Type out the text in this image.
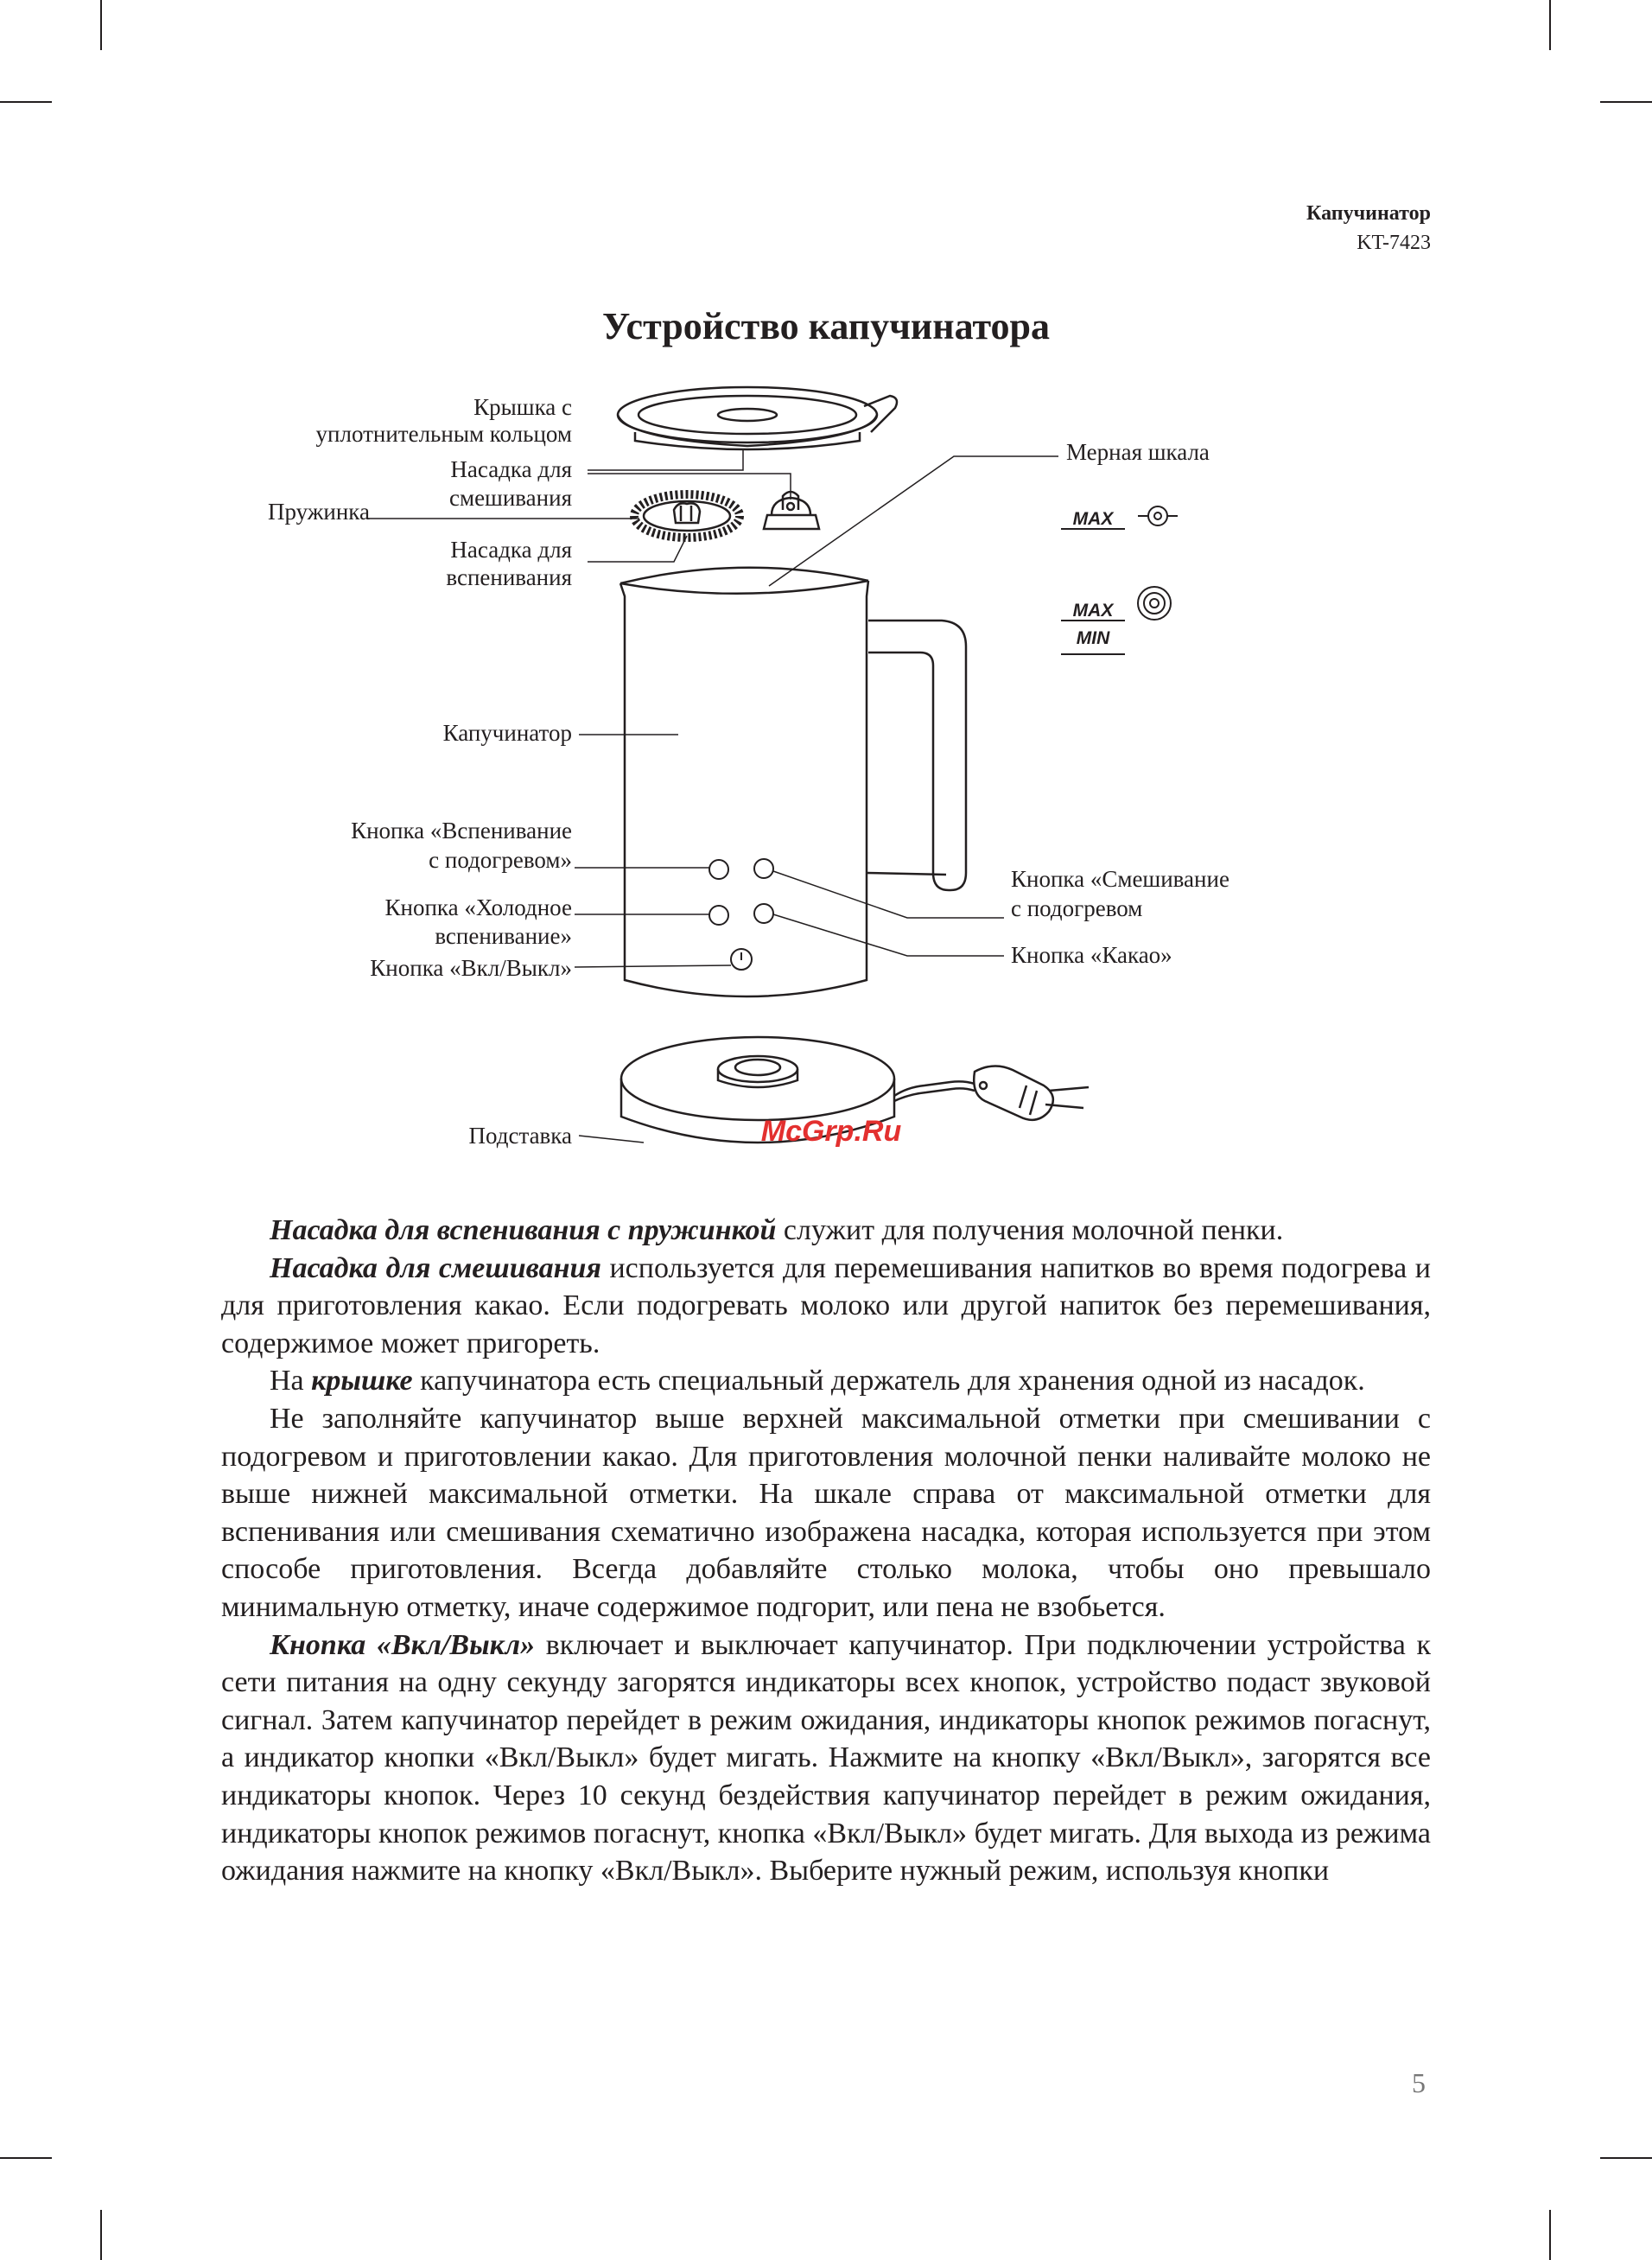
Капучинатор
KT-7423
Устройство капучинатора
Крышка с
уплотнительным кольцом
Насадка для
смешивания
Пружинка
Насадка для
вспенивания
Мерная шкала
Капучинатор
Кнопка «Вспенивание
с подогревом»
Кнопка «Холодное
вспенивание»
Кнопка «Вкл/Выкл»
Кнопка «Смешивание
с подогревом
Кнопка «Какао»
Подставка
MAX
MAX
MIN
McGrp.Ru

Насадка для вспенивания с пружинкой служит для получения молочной пенки.

Насадка для смешивания используется для перемешивания напитков во время подогрева и для приготовления какао. Если подогревать молоко или другой напиток без перемешивания, содержимое может пригореть.

На крышке капучинатора есть специальный держатель для хранения одной из насадок.

Не заполняйте капучинатор выше верхней максимальной отметки при смешивании с подогревом и приготовлении какао. Для приготовления молочной пенки наливайте молоко не выше нижней максимальной отметки. На шкале справа от максимальной отметки для вспенивания или смешивания схематично изображена насадка, которая используется при этом способе приготовления. Всегда добавляйте столько молока, чтобы оно превышало минимальную отметку, иначе содержимое подгорит, или пена не взобьется.

Кнопка «Вкл/Выкл» включает и выключает капучинатор. При подключении устройства к сети питания на одну секунду загорятся индикаторы всех кнопок, устройство подаст звуковой сигнал. Затем капучинатор перейдет в режим ожидания, индикаторы кнопок режимов погаснут, а индикатор кнопки «Вкл/Выкл» будет мигать. Нажмите на кнопку «Вкл/Выкл», загорятся все индикаторы кнопок. Через 10 секунд бездействия капучинатор перейдет в режим ожидания, индикаторы кнопок режимов погаснут, кнопка «Вкл/Выкл» будет мигать. Для выхода из режима ожидания нажмите на кнопку «Вкл/Выкл». Выберите нужный режим, используя кнопки

5
